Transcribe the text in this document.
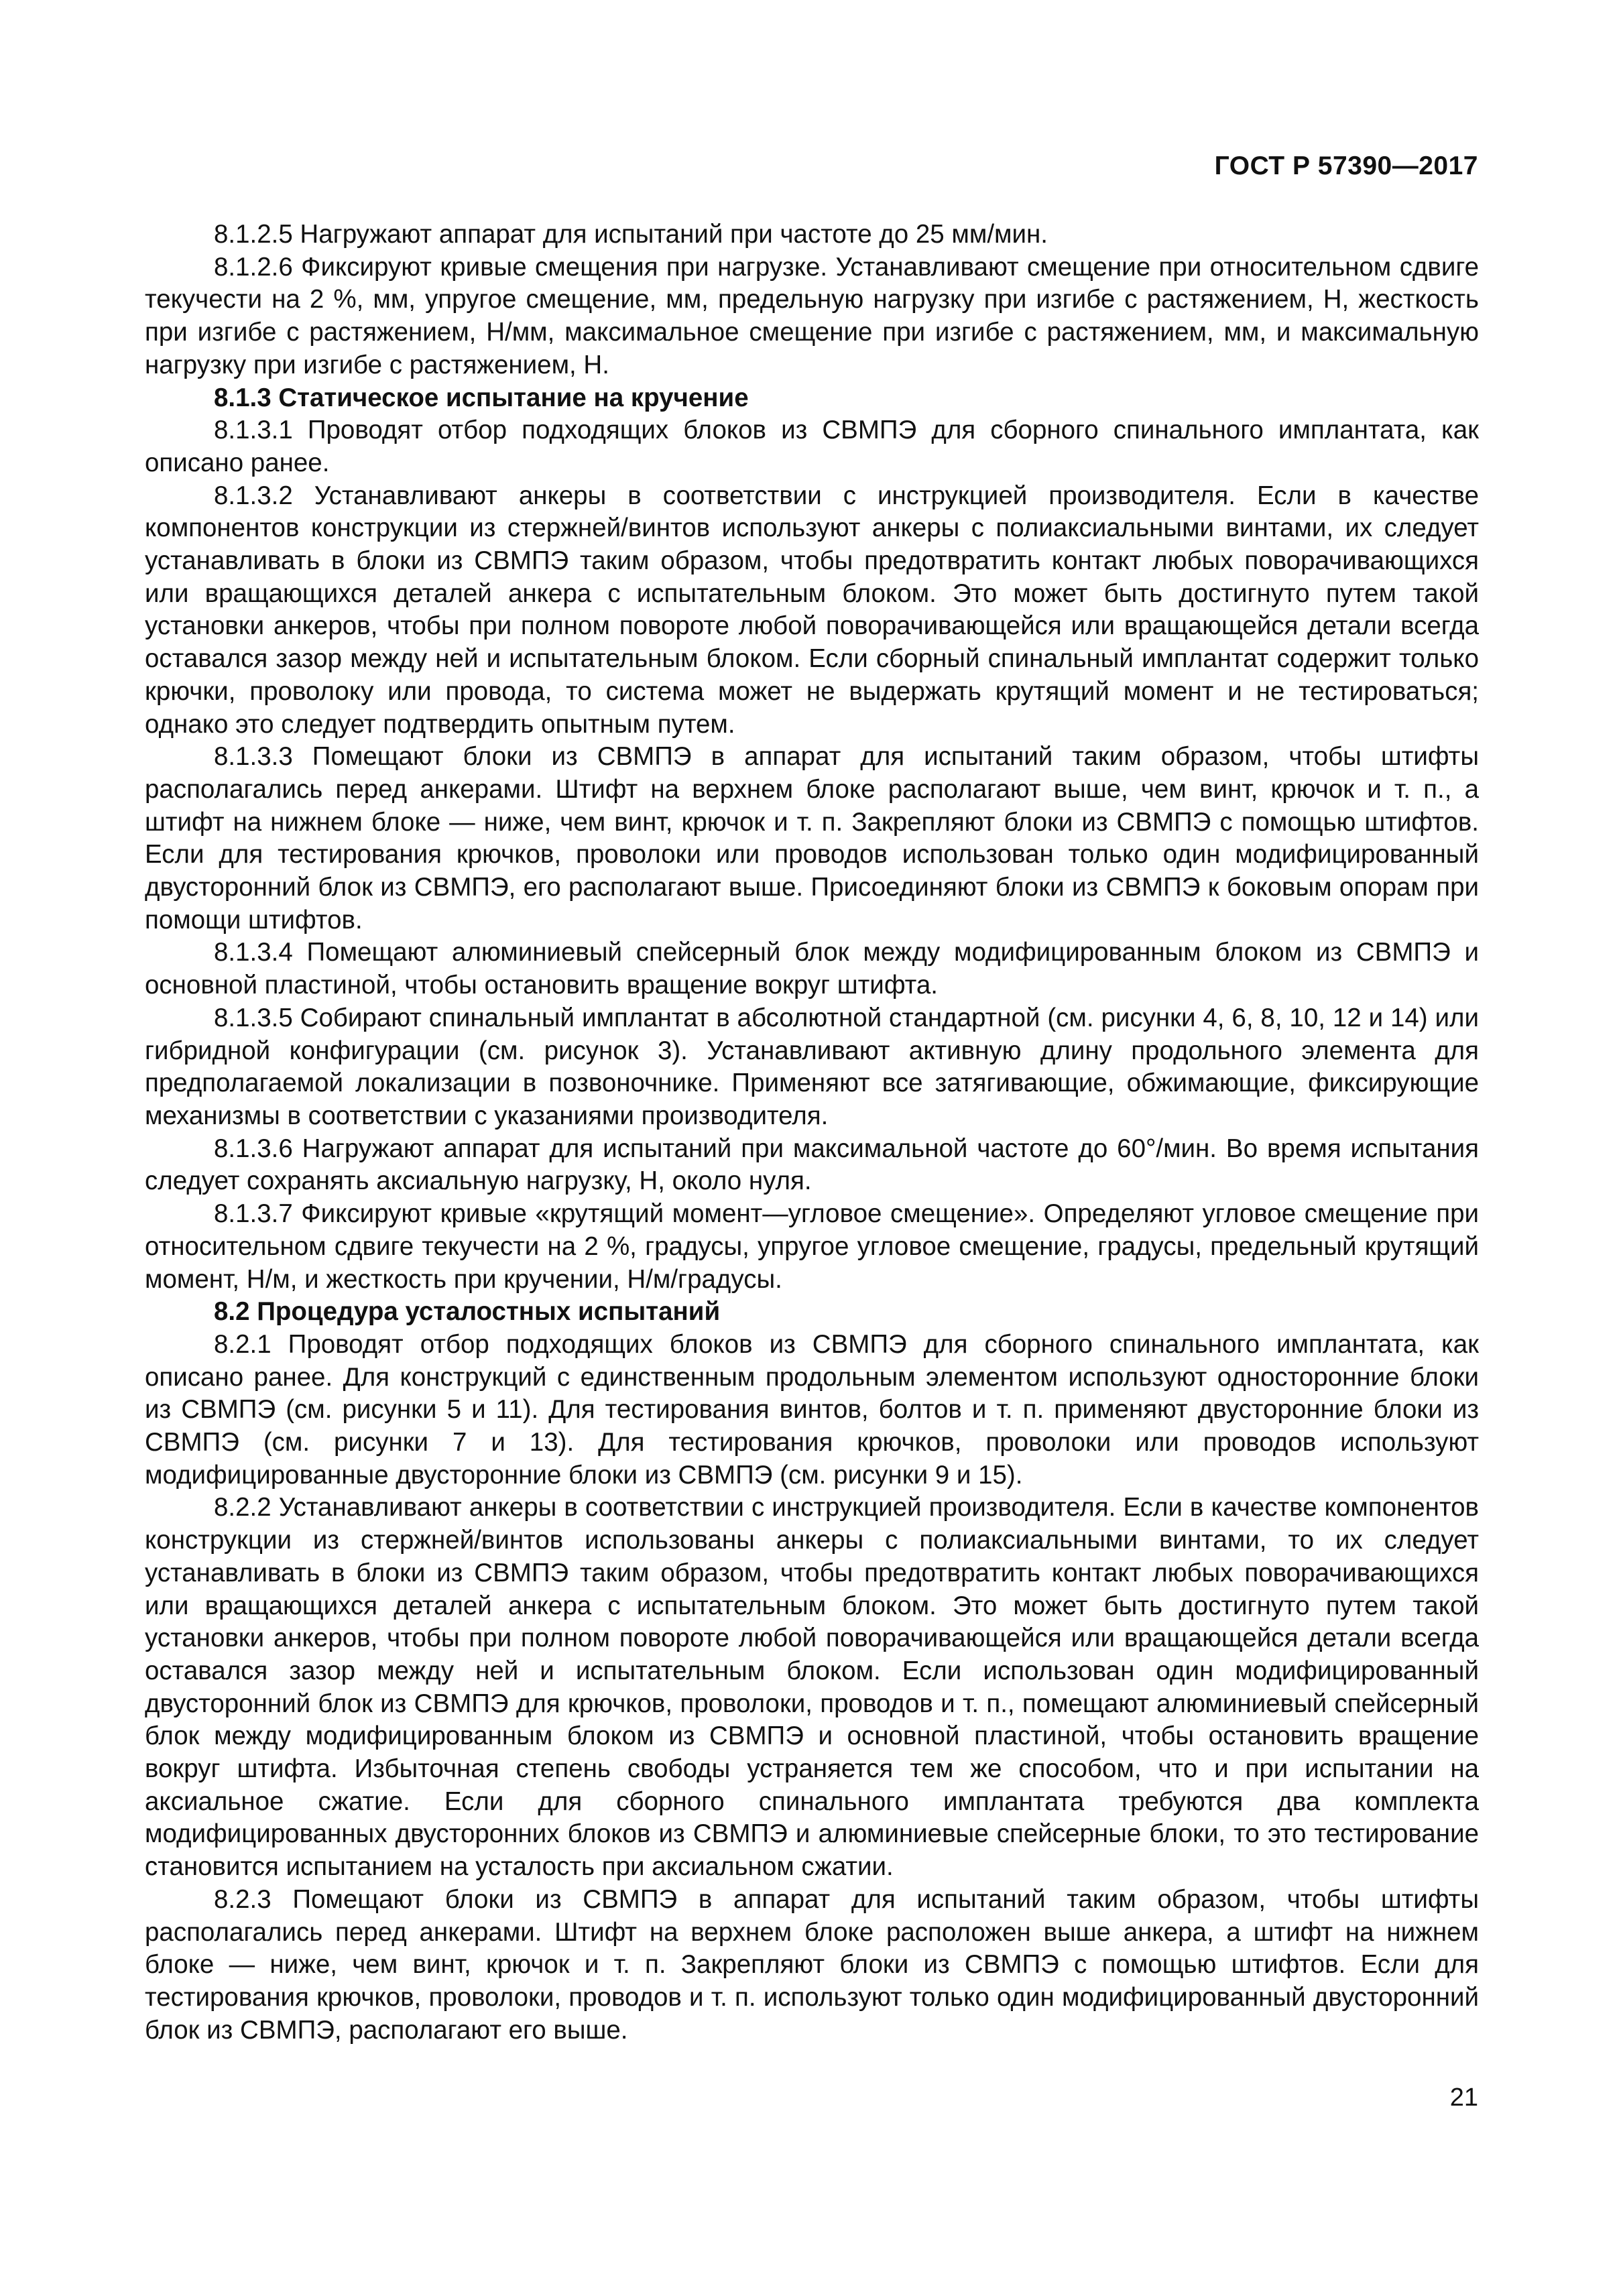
ГОСТ Р 57390—2017

8.1.2.5 Нагружают аппарат для испытаний при частоте до 25 мм/мин.

8.1.2.6 Фиксируют кривые смещения при нагрузке. Устанавливают смещение при относительном сдвиге текучести на 2 %, мм, упругое смещение, мм, предельную нагрузку при изгибе с растяжением, Н, жесткость при изгибе с растяжением, Н/мм, максимальное смещение при изгибе с растяжением, мм, и максимальную нагрузку при изгибе с растяжением, Н.

8.1.3 Статическое испытание на кручение

8.1.3.1 Проводят отбор подходящих блоков из СВМПЭ для сборного спинального имплантата, как описано ранее.

8.1.3.2 Устанавливают анкеры в соответствии с инструкцией производителя. Если в качестве компонентов конструкции из стержней/винтов используют анкеры с полиаксиальными винтами, их следует устанавливать в блоки из СВМПЭ таким образом, чтобы предотвратить контакт любых поворачивающихся или вращающихся деталей анкера с испытательным блоком. Это может быть достигнуто путем такой установки анкеров, чтобы при полном повороте любой поворачивающейся или вращающейся детали всегда оставался зазор между ней и испытательным блоком. Если сборный спинальный имплантат содержит только крючки, проволоку или провода, то система может не выдержать крутящий момент и не тестироваться; однако это следует подтвердить опытным путем.

8.1.3.3 Помещают блоки из СВМПЭ в аппарат для испытаний таким образом, чтобы штифты располагались перед анкерами. Штифт на верхнем блоке располагают выше, чем винт, крючок и т. п., а штифт на нижнем блоке — ниже, чем винт, крючок и т. п. Закрепляют блоки из СВМПЭ с помощью штифтов. Если для тестирования крючков, проволоки или проводов использован только один модифицированный двусторонний блок из СВМПЭ, его располагают выше. Присоединяют блоки из СВМПЭ к боковым опорам при помощи штифтов.

8.1.3.4 Помещают алюминиевый спейсерный блок между модифицированным блоком из СВМПЭ и основной пластиной, чтобы остановить вращение вокруг штифта.

8.1.3.5 Собирают спинальный имплантат в абсолютной стандартной (см. рисунки 4, 6, 8, 10, 12 и 14) или гибридной конфигурации (см. рисунок 3). Устанавливают активную длину продольного элемента для предполагаемой локализации в позвоночнике. Применяют все затягивающие, обжимающие, фиксирующие механизмы в соответствии с указаниями производителя.

8.1.3.6 Нагружают аппарат для испытаний при максимальной частоте до 60°/мин. Во время испытания следует сохранять аксиальную нагрузку, Н, около нуля.

8.1.3.7 Фиксируют кривые «крутящий момент—угловое смещение». Определяют угловое смещение при относительном сдвиге текучести на 2 %, градусы, упругое угловое смещение, градусы, предельный крутящий момент, Н/м, и жесткость при кручении, Н/м/градусы.

8.2 Процедура усталостных испытаний

8.2.1 Проводят отбор подходящих блоков из СВМПЭ для сборного спинального имплантата, как описано ранее. Для конструкций с единственным продольным элементом используют односторонние блоки из СВМПЭ (см. рисунки 5 и 11). Для тестирования винтов, болтов и т. п. применяют двусторонние блоки из СВМПЭ (см. рисунки 7 и 13). Для тестирования крючков, проволоки или проводов используют модифицированные двусторонние блоки из СВМПЭ (см. рисунки 9 и 15).

8.2.2 Устанавливают анкеры в соответствии с инструкцией производителя. Если в качестве компонентов конструкции из стержней/винтов использованы анкеры с полиаксиальными винтами, то их следует устанавливать в блоки из СВМПЭ таким образом, чтобы предотвратить контакт любых поворачивающихся или вращающихся деталей анкера с испытательным блоком. Это может быть достигнуто путем такой установки анкеров, чтобы при полном повороте любой поворачивающейся или вращающейся детали всегда оставался зазор между ней и испытательным блоком. Если использован один модифицированный двусторонний блок из СВМПЭ для крючков, проволоки, проводов и т. п., помещают алюминиевый спейсерный блок между модифицированным блоком из СВМПЭ и основной пластиной, чтобы остановить вращение вокруг штифта. Избыточная степень свободы устраняется тем же способом, что и при испытании на аксиальное сжатие. Если для сборного спинального имплантата требуются два комплекта модифицированных двусторонних блоков из СВМПЭ и алюминиевые спейсерные блоки, то это тестирование становится испытанием на усталость при аксиальном сжатии.

8.2.3 Помещают блоки из СВМПЭ в аппарат для испытаний таким образом, чтобы штифты располагались перед анкерами. Штифт на верхнем блоке расположен выше анкера, а штифт на нижнем блоке — ниже, чем винт, крючок и т. п. Закрепляют блоки из СВМПЭ с помощью штифтов. Если для тестирования крючков, проволоки, проводов и т. п. используют только один модифицированный двусторонний блок из СВМПЭ, располагают его выше.

21
